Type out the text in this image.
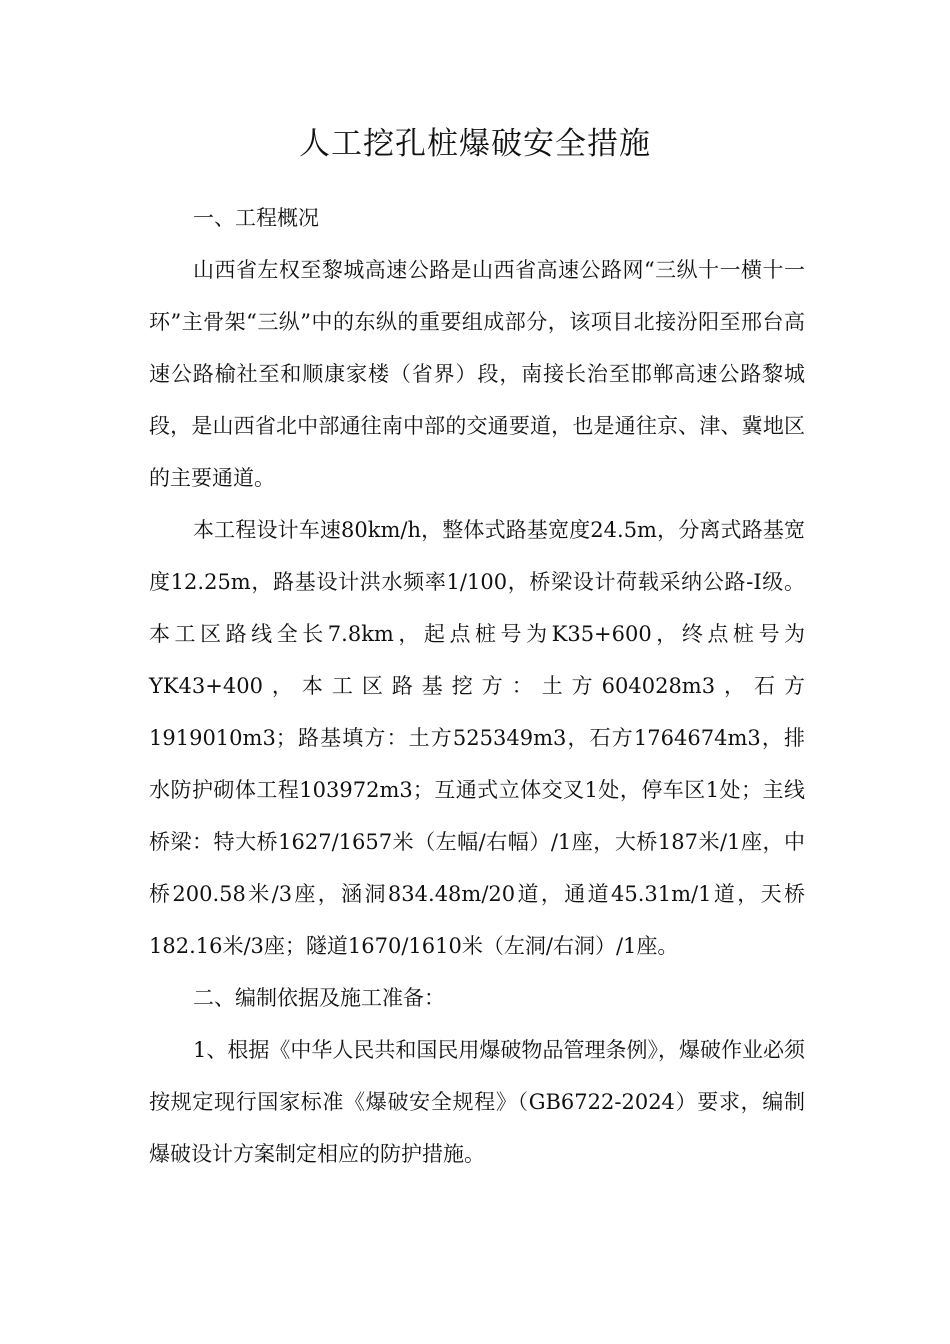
人工挖孔桩爆破安全措施

一、工程概况

山西省左权至黎城高速公路是山西省高速公路网“三纵十一横十一环”主骨架“三纵”中的东纵的重要组成部分，该项目北接汾阳至邢台高速公路榆社至和顺康家楼（省界）段，南接长治至邯郸高速公路黎城段，是山西省北中部通往南中部的交通要道，也是通往京、津、冀地区的主要通道。

本工程设计车速80km/h，整体式路基宽度24.5m，分离式路基宽度12.25m，路基设计洪水频率1/100，桥梁设计荷载采纳公路-I级。本工区路线全长7.8km，起点桩号为K35+600，终点桩号为YK43+400，本工区路基挖方：土方604028m3，石方1919010m3；路基填方：土方525349m3，石方1764674m3，排水防护砌体工程103972m3；互通式立体交叉1处，停车区1处；主线桥梁：特大桥1627/1657米（左幅/右幅）/1座，大桥187米/1座，中桥200.58米/3座，涵洞834.48m/20道，通道45.31m/1道，天桥182.16米/3座；隧道1670/1610米（左洞/右洞）/1座。

二、编制依据及施工准备：

1、根据《中华人民共和国民用爆破物品管理条例》，爆破作业必须按规定现行国家标准《爆破安全规程》（GB6722-2024）要求，编制爆破设计方案制定相应的防护措施。
